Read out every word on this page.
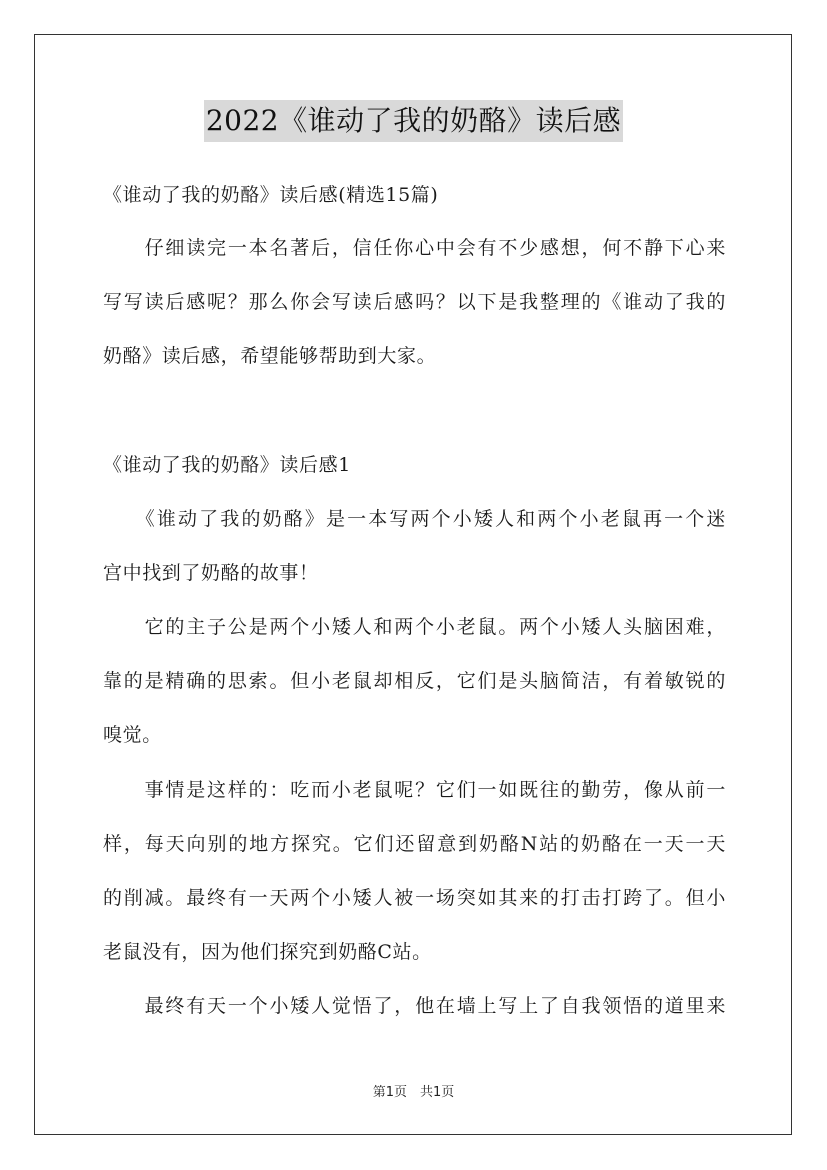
2022《谁动了我的奶酪》读后感
《谁动了我的奶酪》读后感(精选15篇)
　　仔细读完一本名著后，信任你心中会有不少感想，何不静下心来
写写读后感呢？那么你会写读后感吗？以下是我整理的《谁动了我的
奶酪》读后感，希望能够帮助到大家。
《谁动了我的奶酪》读后感1
　　《谁动了我的奶酪》是一本写两个小矮人和两个小老鼠再一个迷
宫中找到了奶酪的故事！
　　它的主子公是两个小矮人和两个小老鼠。两个小矮人头脑困难，
靠的是精确的思索。但小老鼠却相反，它们是头脑简洁，有着敏锐的
嗅觉。
　　事情是这样的：吃而小老鼠呢？它们一如既往的勤劳，像从前一
样，每天向别的地方探究。它们还留意到奶酪N站的奶酪在一天一天
的削减。最终有一天两个小矮人被一场突如其来的打击打跨了。但小
老鼠没有，因为他们探究到奶酪C站。
　　最终有天一个小矮人觉悟了，他在墙上写上了自我领悟的道里来
第1页　共1页
